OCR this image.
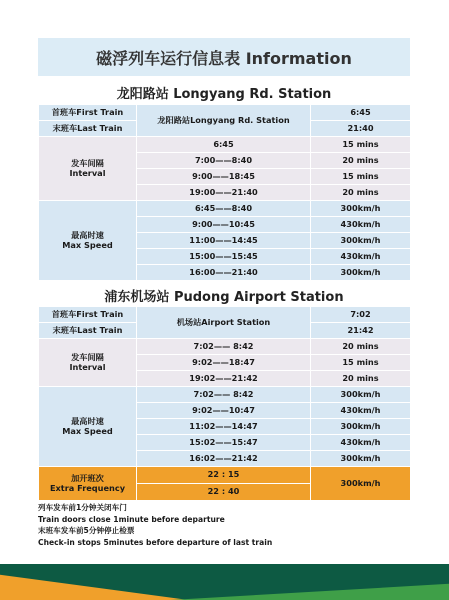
磁浮列车运行信息表 Information
龙阳路站 Longyang Rd. Station
首班车First Train	龙阳路站Longyang Rd. Station	6:45
末班车Last Train		21:40

发车间隔
Interval	6:45	15 mins
	7:00——8:40	20 mins
	9:00——18:45	15 mins
	19:00——21:40	20 mins

最高时速
Max Speed	6:45——8:40	300km/h
	9:00——10:45	430km/h
	11:00——14:45	300km/h
	15:00——15:45	430km/h
	16:00——21:40	300km/h
浦东机场站 Pudong Airport Station
首班车First Train	机场站Airport Station	7:02
末班车Last Train		21:42

发车间隔
Interval	7:02—— 8:42	20 mins
	9:02——18:47	15 mins
	19:02——21:42	20 mins

最高时速
Max Speed	7:02—— 8:42	300km/h
	9:02——10:47	430km/h
	11:02——14:47	300km/h
	15:02——15:47	430km/h
	16:02——21:42	300km/h

加开班次
Extra Frequency	22 : 15	300km/h
	22 : 40	
列车发车前1分钟关闭车门
Train doors close 1minute before departure
末班车发车前5分钟停止检票
Check-in stops 5minutes before departure of last train
